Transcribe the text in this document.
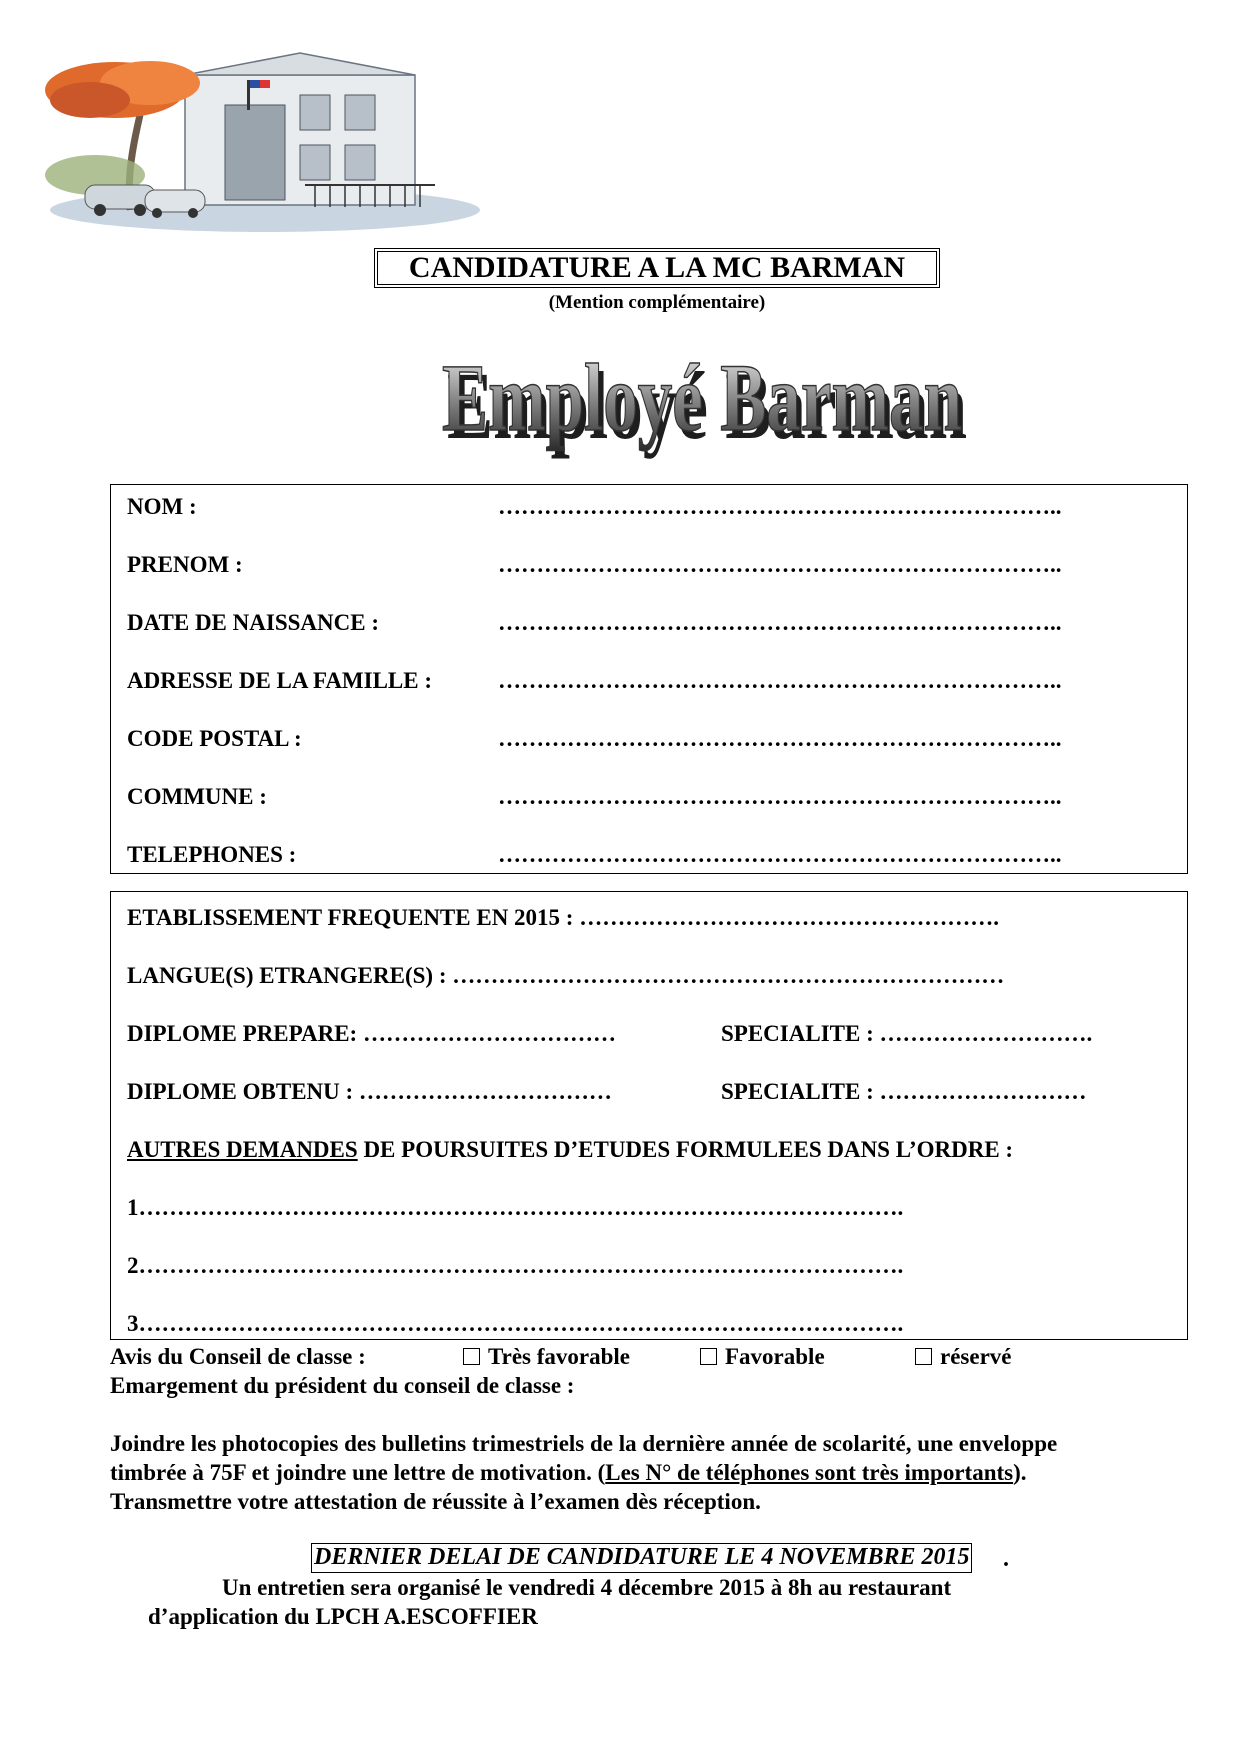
CANDIDATURE A LA MC BARMAN
(Mention complémentaire)
Employé Barman
Employé Barman
NOM :	………………………………………………………………..
PRENOM :	………………………………………………………………..
DATE DE NAISSANCE :	………………………………………………………………..
ADRESSE DE LA FAMILLE :	………………………………………………………………..
CODE POSTAL :	………………………………………………………………..
COMMUNE :	………………………………………………………………..
TELEPHONES :	………………………………………………………………..
ETABLISSEMENT FREQUENTE EN 2015 : ……………………………………………….
LANGUE(S) ETRANGERE(S) : ………………………………………………………………
DIPLOME PREPARE: ……………………………	SPECIALITE : ……………………….
DIPLOME OBTENU : ……………………………	SPECIALITE : ………………………
AUTRES DEMANDES DE POURSUITES D’ETUDES FORMULEES DANS L’ORDRE :
1……………………………………………………………………………………….
2……………………………………………………………………………………….
3……………………………………………………………………………………….
Avis du Conseil de classe :	Très favorable	Favorable	réservé
Emargement du président du conseil de classe :
Joindre les photocopies des bulletins trimestriels de la dernière année de scolarité, une enveloppe
timbrée à 75F et joindre une lettre de motivation. (Les N° de téléphones sont très importants).
Transmettre votre attestation de réussite à l’examen dès réception.
DERNIER DELAI DE CANDIDATURE LE 4 NOVEMBRE 2015 .
Un entretien sera organisé le vendredi 4 décembre 2015 à 8h au restaurant
d’application du LPCH A.ESCOFFIER
